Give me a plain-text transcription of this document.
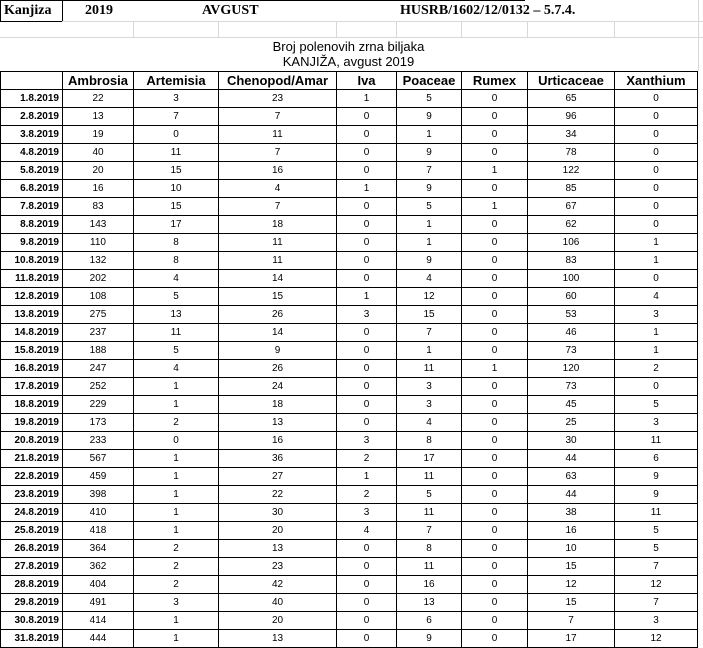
Kanjiza 2019	AVGUST	HUSRB/1602/12/0132 – 5.7.4.
Broj polenovih zrna biljaka
KANJIŽA, avgust 2019
	Ambrosia	Artemisia	Chenopod/Amar	Iva	Poaceae	Rumex	Urticaceae	Xanthium
1.8.2019	22	3	23	1	5	0	65	0
2.8.2019	13	7	7	0	9	0	96	0
3.8.2019	19	0	11	0	1	0	34	0
4.8.2019	40	11	7	0	9	0	78	0
5.8.2019	20	15	16	0	7	1	122	0
6.8.2019	16	10	4	1	9	0	85	0
7.8.2019	83	15	7	0	5	1	67	0
8.8.2019	143	17	18	0	1	0	62	0
9.8.2019	110	8	11	0	1	0	106	1
10.8.2019	132	8	11	0	9	0	83	1
11.8.2019	202	4	14	0	4	0	100	0
12.8.2019	108	5	15	1	12	0	60	4
13.8.2019	275	13	26	3	15	0	53	3
14.8.2019	237	11	14	0	7	0	46	1
15.8.2019	188	5	9	0	1	0	73	1
16.8.2019	247	4	26	0	11	1	120	2
17.8.2019	252	1	24	0	3	0	73	0
18.8.2019	229	1	18	0	3	0	45	5
19.8.2019	173	2	13	0	4	0	25	3
20.8.2019	233	0	16	3	8	0	30	11
21.8.2019	567	1	36	2	17	0	44	6
22.8.2019	459	1	27	1	11	0	63	9
23.8.2019	398	1	22	2	5	0	44	9
24.8.2019	410	1	30	3	11	0	38	11
25.8.2019	418	1	20	4	7	0	16	5
26.8.2019	364	2	13	0	8	0	10	5
27.8.2019	362	2	23	0	11	0	15	7
28.8.2019	404	2	42	0	16	0	12	12
29.8.2019	491	3	40	0	13	0	15	7
30.8.2019	414	1	20	0	6	0	7	3
31.8.2019	444	1	13	0	9	0	17	12
